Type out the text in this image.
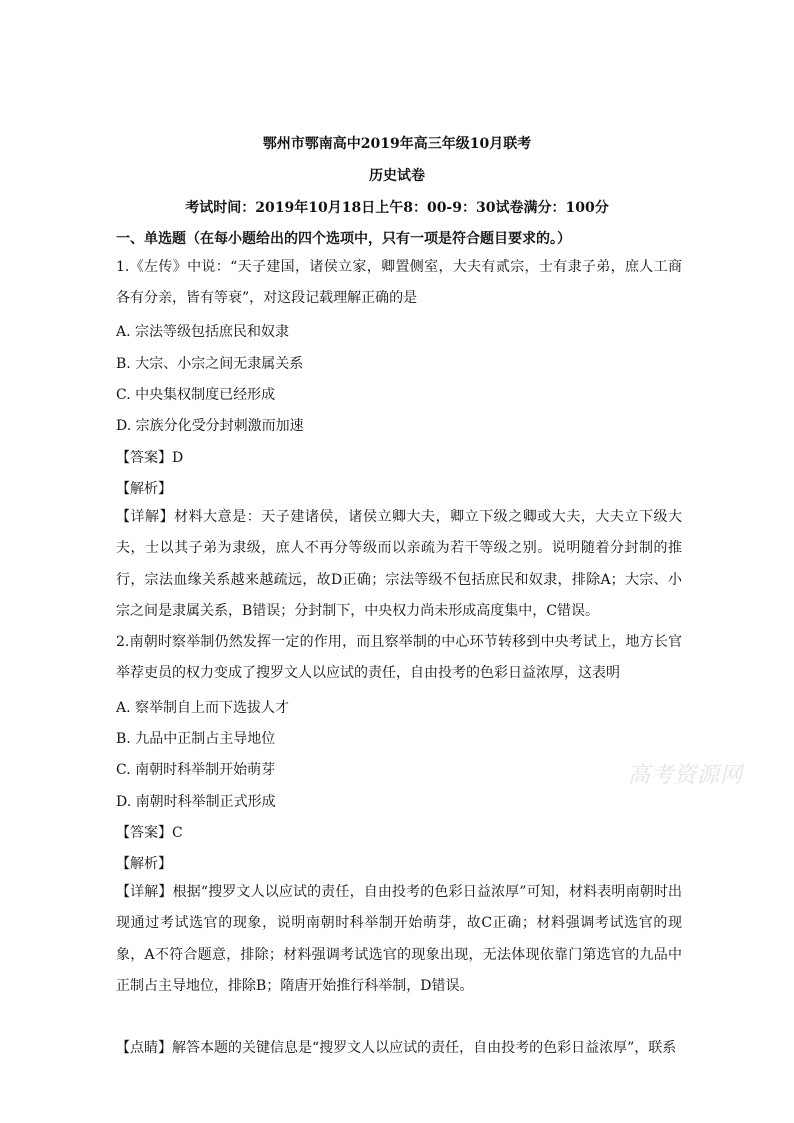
鄂州市鄂南高中2019年高三年级10月联考
历史试卷
考试时间：2019年10月18日上午8：00-9：30试卷满分：100分
一、单选题（在每小题给出的四个选项中，只有一项是符合题目要求的。）
1.《左传》中说：“天子建国，诸侯立家，卿置侧室，大夫有贰宗，士有隶子弟，庶人工商各有分亲，皆有等衰”，对这段记载理解正确的是
A. 宗法等级包括庶民和奴隶
B. 大宗、小宗之间无隶属关系
C. 中央集权制度已经形成
D. 宗族分化受分封刺激而加速
【答案】D
【解析】
【详解】材料大意是：天子建诸侯，诸侯立卿大夫，卿立下级之卿或大夫，大夫立下级大夫，士以其子弟为隶级，庶人不再分等级而以亲疏为若干等级之别。说明随着分封制的推行，宗法血缘关系越来越疏远，故D正确；宗法等级不包括庶民和奴隶，排除A；大宗、小宗之间是隶属关系，B错误；分封制下，中央权力尚未形成高度集中，C错误。
2.南朝时察举制仍然发挥一定的作用，而且察举制的中心环节转移到中央考试上，地方长官举荐吏员的权力变成了搜罗文人以应试的责任，自由投考的色彩日益浓厚，这表明
A. 察举制自上而下选拔人才
B. 九品中正制占主导地位
C. 南朝时科举制开始萌芽
D. 南朝时科举制正式形成
【答案】C
【解析】
【详解】根据“搜罗文人以应试的责任，自由投考的色彩日益浓厚”可知，材料表明南朝时出现通过考试选官的现象，说明南朝时科举制开始萌芽，故C正确；材料强调考试选官的现象，A不符合题意，排除；材料强调考试选官的现象出现，无法体现依靠门第选官的九品中正制占主导地位，排除B；隋唐开始推行科举制，D错误。
【点睛】解答本题的关键信息是“搜罗文人以应试的责任，自由投考的色彩日益浓厚”，联系
高考资源网
